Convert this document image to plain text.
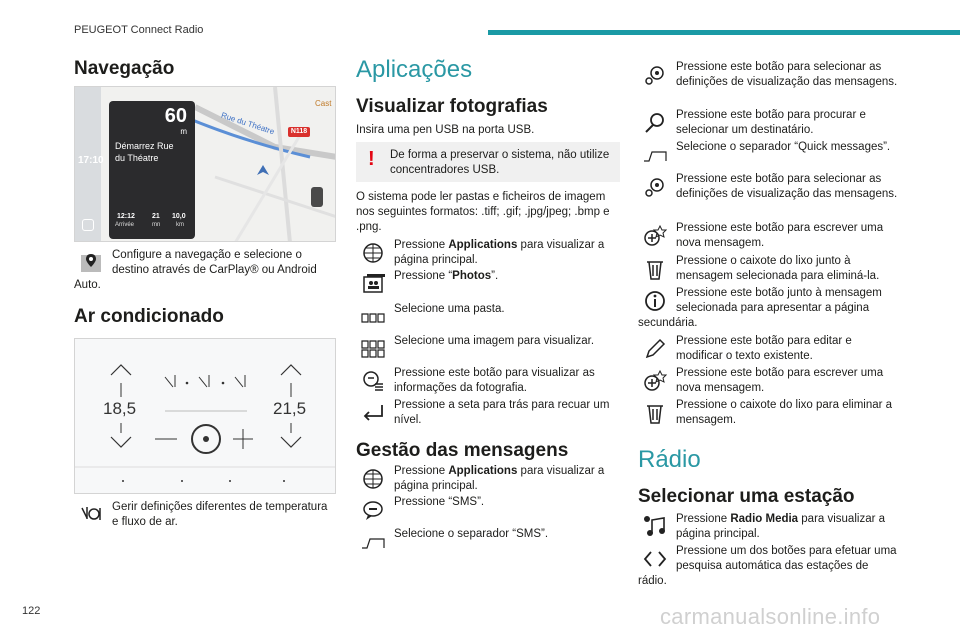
PEUGEOT Connect Radio
Navegação
N118
Rue du Théatre
Cast
17:10
60
m
Démarrez Rue
du Théatre
12:12
Arrivée
21
mn
10,0
km
Configure a navegação e selecione o destino através de CarPlay® ou Android Auto.
Ar condicionado
18,5	21,5
Gerir definições diferentes de temperatura e fluxo de ar.
Aplicações
Visualizar fotografias
Insira uma pen USB na porta USB.
! De forma a preservar o sistema, não utilize concentradores USB.
O sistema pode ler pastas e ficheiros de imagem nos seguintes formatos: .tiff; .gif; .jpg/jpeg; .bmp e .png.
Pressione Applications para visualizar a página principal.
Pressione “Photos”.
Selecione uma pasta.
Selecione uma imagem para visualizar.
Pressione este botão para visualizar as informações da fotografia.
Pressione a seta para trás para recuar um nível.
Gestão das mensagens
Pressione Applications para visualizar a página principal.
Pressione “SMS”.
Selecione o separador “SMS”.
Pressione este botão para selecionar as definições de visualização das mensagens.
Pressione este botão para procurar e selecionar um destinatário.
Selecione o separador “Quick messages”.
Pressione este botão para selecionar as definições de visualização das mensagens.
Pressione este botão para escrever uma nova mensagem.
Pressione o caixote do lixo junto à mensagem selecionada para eliminá-la.
Pressione este botão junto à mensagem selecionada para apresentar a página secundária.
Pressione este botão para editar e modificar o texto existente.
Pressione este botão para escrever uma nova mensagem.
Pressione o caixote do lixo para eliminar a mensagem.
Rádio
Selecionar uma estação
Pressione Radio Media para visualizar a página principal.
Pressione um dos botões para efetuar uma pesquisa automática das estações de rádio.
122	carmanualsonline.info
